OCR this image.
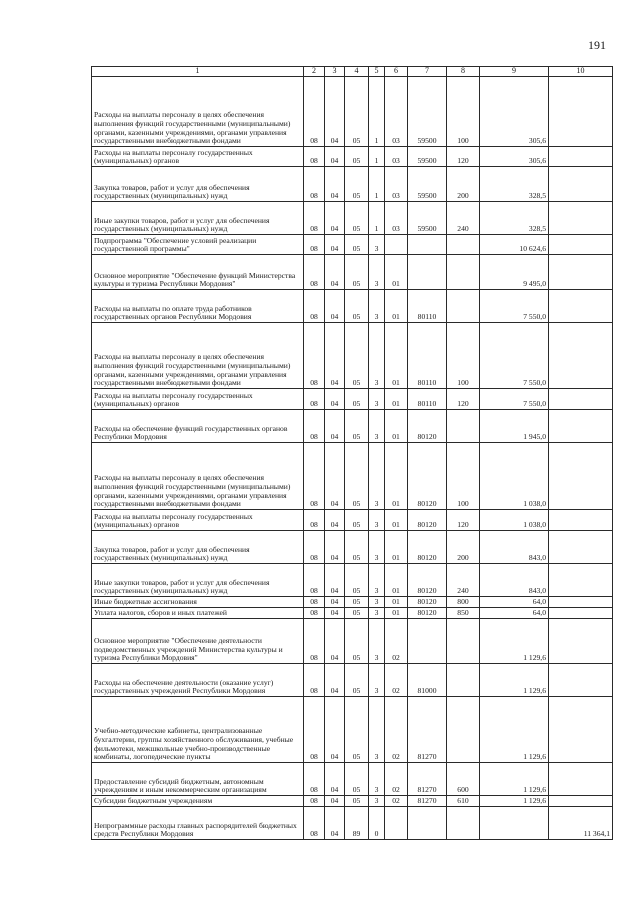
191
1	2	3	4	5	6	7	8	9	10
Расходы на выплаты персоналу в целях обеспечения выполнения функций государственными (муниципальными) органами, казенными учреждениями, органами управления государственными внебюджетными фондами	08	04	05	1	03	59500	100	305,6	
Расходы на выплаты персоналу государственных (муниципальных) органов	08	04	05	1	03	59500	120	305,6	
Закупка товаров, работ и услуг для обеспечения государственных (муниципальных) нужд	08	04	05	1	03	59500	200	328,5	
Иные закупки товаров, работ и услуг для обеспечения государственных (муниципальных) нужд	08	04	05	1	03	59500	240	328,5	
Подпрограмма "Обеспечение условий реализации государственной программы"	08	04	05	3				10 624,6	
Основное мероприятие "Обеспечение функций Министерства культуры и туризма Республики Мордовия"	08	04	05	3	01			9 495,0	
Расходы на выплаты по оплате труда работников государственных органов Республики Мордовия	08	04	05	3	01	80110		7 550,0	
Расходы на выплаты персоналу в целях обеспечения выполнения функций государственными (муниципальными) органами, казенными учреждениями, органами управления государственными внебюджетными фондами	08	04	05	3	01	80110	100	7 550,0	
Расходы на выплаты персоналу государственных (муниципальных) органов	08	04	05	3	01	80110	120	7 550,0	
Расходы на обеспечение функций государственных органов Республики Мордовия	08	04	05	3	01	80120		1 945,0	
Расходы на выплаты персоналу в целях обеспечения выполнения функций государственными (муниципальными) органами, казенными учреждениями, органами управления государственными внебюджетными фондами	08	04	05	3	01	80120	100	1 038,0	
Расходы на выплаты персоналу государственных (муниципальных) органов	08	04	05	3	01	80120	120	1 038,0	
Закупка товаров, работ и услуг для обеспечения государственных (муниципальных) нужд	08	04	05	3	01	80120	200	843,0	
Иные закупки товаров, работ и услуг для обеспечения государственных (муниципальных) нужд	08	04	05	3	01	80120	240	843,0	
Иные бюджетные ассигнования	08	04	05	3	01	80120	800	64,0	
Уплата налогов, сборов и иных платежей	08	04	05	3	01	80120	850	64,0	
Основное мероприятие "Обеспечение деятельности подведомственных учреждений Министерства культуры и туризма Республики Мордовия"	08	04	05	3	02			1 129,6	
Расходы на обеспечение деятельности (оказание услуг) государственных учреждений Республики Мордовия	08	04	05	3	02	81000		1 129,6	
Учебно-методические кабинеты, централизованные бухгалтерии, группы хозяйственного обслуживания, учебные фильмотеки, межшкольные учебно-производственные комбинаты, логопедические пункты	08	04	05	3	02	81270		1 129,6	
Предоставление субсидий бюджетным, автономным учреждениям и иным некоммерческим организациям	08	04	05	3	02	81270	600	1 129,6	
Субсидии бюджетным учреждениям	08	04	05	3	02	81270	610	1 129,6	
Непрограммные расходы главных распорядителей бюджетных средств Республики Мордовия	08	04	89	0					11 364,1
